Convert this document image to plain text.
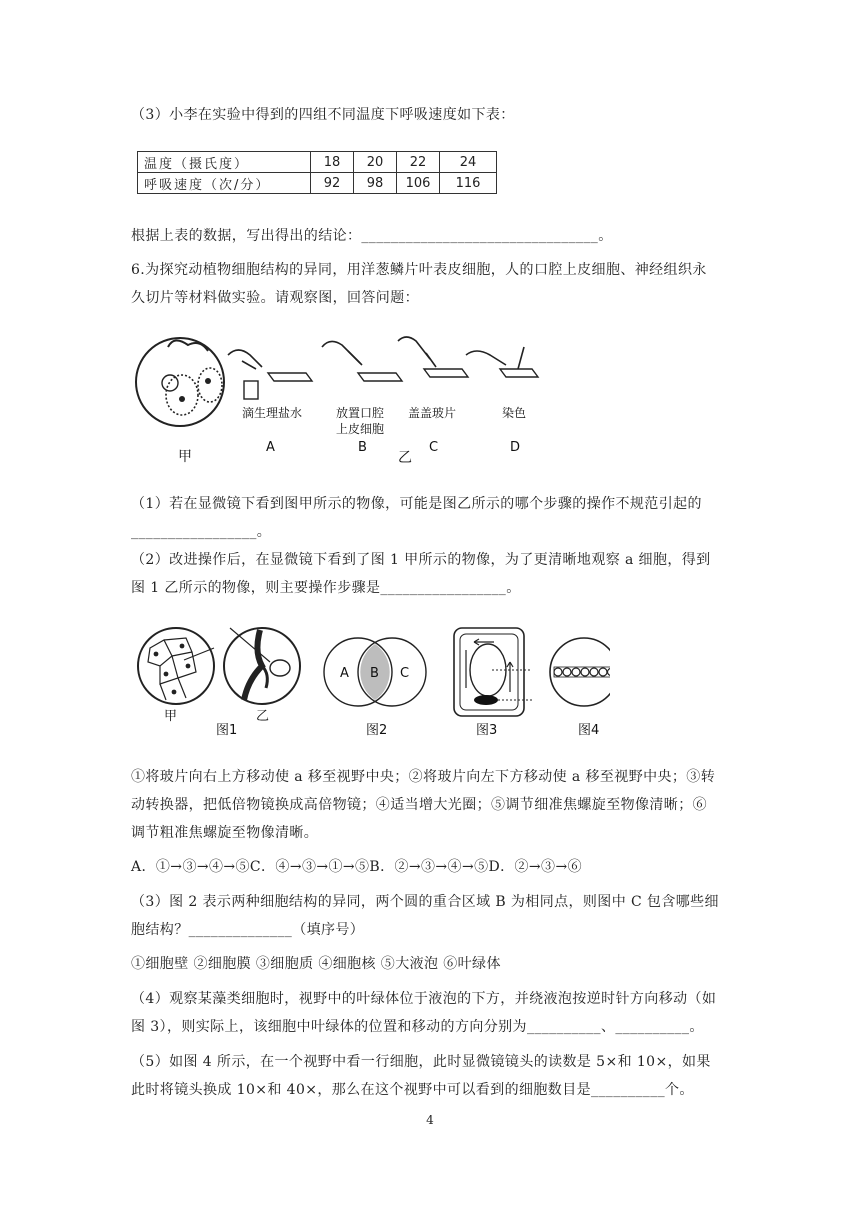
（3）小李在实验中得到的四组不同温度下呼吸速度如下表：
温度（摄氏度）	18	20	22	24
呼吸速度（次/分）	92	98	106	116
根据上表的数据，写出得出的结论：________________________________。
6.为探究动植物细胞结构的异同，用洋葱鳞片叶表皮细胞，人的口腔上皮细胞、神经组织永
久切片等材料做实验。请观察图，回答问题：
甲
滴生理盐水
A
放置口腔
上皮细胞
B
盖盖玻片
乙
C
染色
D
（1）若在显微镜下看到图甲所示的物像，可能是图乙所示的哪个步骤的操作不规范引起的
_________________。
（2）改进操作后，在显微镜下看到了图 1 甲所示的物像，为了更清晰地观察 a 细胞，得到
图 1 乙所示的物像，则主要操作步骤是_________________。
甲	乙
图1
A B C
图2	图3	图4
①将玻片向右上方移动使 a 移至视野中央；②将玻片向左下方移动使 a 移至视野中央；③转
动转换器，把低倍物镜换成高倍物镜；④适当增大光圈；⑤调节细准焦螺旋至物像清晰；⑥
调节粗准焦螺旋至物像清晰。
A．①→③→④→⑤C．④→③→①→⑤B．②→③→④→⑤D．②→③→⑥
（3）图 2 表示两种细胞结构的异同，两个圆的重合区域 B 为相同点，则图中 C 包含哪些细
胞结构？______________（填序号）
①细胞壁 ②细胞膜 ③细胞质 ④细胞核 ⑤大液泡 ⑥叶绿体
（4）观察某藻类细胞时，视野中的叶绿体位于液泡的下方，并绕液泡按逆时针方向移动（如
图 3），则实际上，该细胞中叶绿体的位置和移动的方向分别为__________、__________。
（5）如图 4 所示，在一个视野中看一行细胞，此时显微镜镜头的读数是 5×和 10×，如果
此时将镜头换成 10×和 40×，那么在这个视野中可以看到的细胞数目是__________个。
4
